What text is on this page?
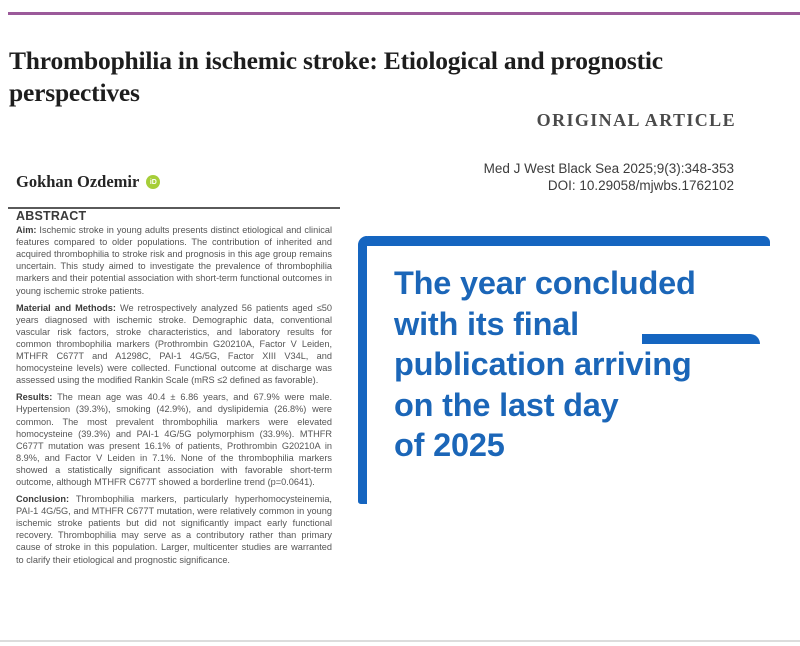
Thrombophilia in ischemic stroke: Etiological and prognostic perspectives
ORIGINAL ARTICLE
Med J West Black Sea 2025;9(3):348-353
DOI: 10.29058/mjwbs.1762102
Gokhan Ozdemir	iD
ABSTRACT

Aim: Ischemic stroke in young adults presents distinct etiological and clinical features compared to older populations. The contribution of inherited and acquired thrombophilia to stroke risk and prognosis in this age group remains uncertain. This study aimed to investigate the prevalence of thrombophilia markers and their potential association with short-term functional outcomes in young ischemic stroke patients.

Material and Methods: We retrospectively analyzed 56 patients aged ≤50 years diagnosed with ischemic stroke. Demographic data, conventional vascular risk factors, stroke characteristics, and laboratory results for common thrombophilia markers (Prothrombin G20210A, Factor V Leiden, MTHFR C677T and A1298C, PAI-1 4G/5G, Factor XIII V34L, and homocysteine levels) were collected. Functional outcome at discharge was assessed using the modified Rankin Scale (mRS ≤2 defined as favorable).

Results: The mean age was 40.4 ± 6.86 years, and 67.9% were male. Hypertension (39.3%), smoking (42.9%), and dyslipidemia (26.8%) were common. The most prevalent thrombophilia markers were elevated homocysteine (39.3%) and PAI-1 4G/5G polymorphism (33.9%). MTHFR C677T mutation was present 16.1% of patients, Prothrombin G20210A in 8.9%, and Factor V Leiden in 7.1%. None of the thrombophilia markers showed a statistically significant association with favorable short-term outcome, although MTHFR C677T showed a borderline trend (p=0.0641).

Conclusion: Thrombophilia markers, particularly hyperhomocysteinemia, PAI-1 4G/5G, and MTHFR C677T mutation, were relatively common in young ischemic stroke patients but did not significantly impact early functional recovery. Thrombophilia may serve as a contributory rather than primary cause of stroke in this population. Larger, multicenter studies are warranted to clarify their etiological and prognostic significance.

The year concluded
with its final
publication arriving
on the last day
of 2025
